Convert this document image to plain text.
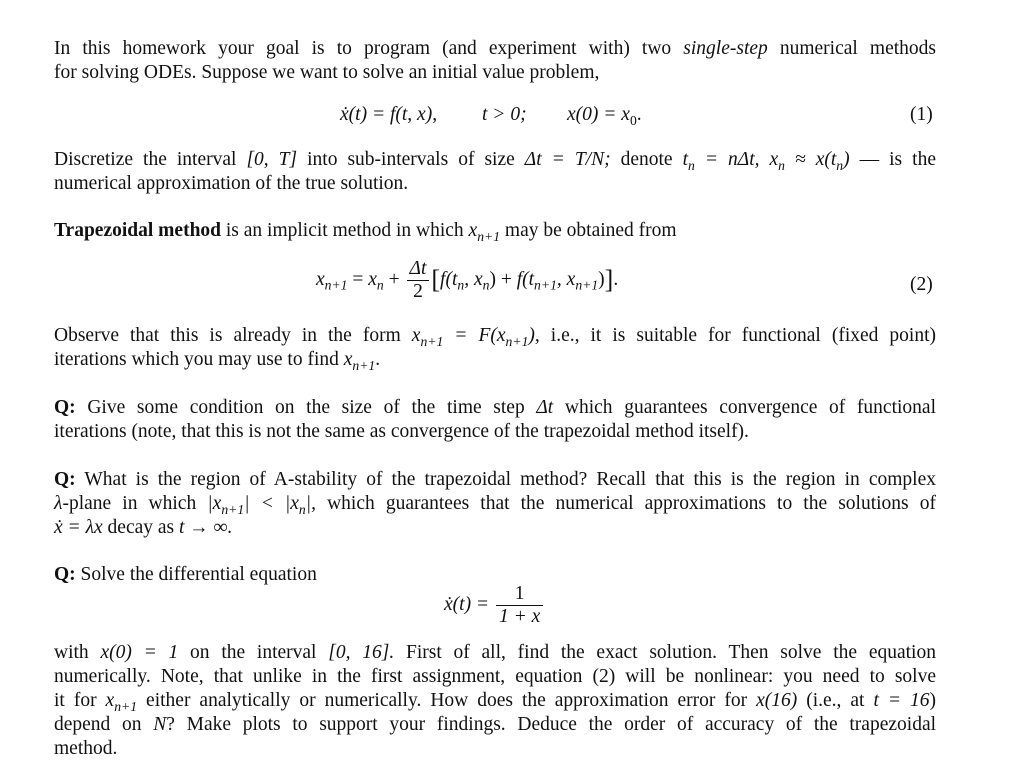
In this homework your goal is to program (and experiment with) two single-step numerical methods
for solving ODEs. Suppose we want to solve an initial value problem,
ẋ(t) = f(t, x), t > 0; $x(0) = x_0$.	(1)
Discretize the interval [0, T] into sub-intervals of size Δt = T/N; denote $t_n = n\Delta t$, $x_n \approx x(t_n)$ — is the
numerical approximation of the true solution.
Trapezoidal method is an implicit method in which $x_{n+1}$ may be obtained from
$x_{n+1} = x_n + \frac{\Delta t}{2} [f(t_n$, $x_n) + f(t_{n+1}$, $x_{n+1}$)].	(2)
Observe that this is already in the form $x_{n+1} = F(x_{n+1})$, i.e., it is suitable for functional (fixed point)
iterations which you may use to find $x_{n+1}$.
Q: Give some condition on the size of the time step Δt which guarantees convergence of functional
iterations (note, that this is not the same as convergence of the trapezoidal method itself).
Q: What is the region of A-stability of the trapezoidal method? Recall that this is the region in complex
λ-plane in which $|x_{n+1}| < |x_n|$, which guarantees that the numerical approximations to the solutions of
ẋ = λx decay as t → ∞.
Q: Solve the differential equation
ẋ(t) = $\frac{1}{1 + x}$
with x(0) = 1 on the interval [0, 16]. First of all, find the exact solution. Then solve the equation
numerically. Note, that unlike in the first assignment, equation (2) will be nonlinear: you need to solve
it for $x_{n+1}$ either analytically or numerically. How does the approximation error for x(16) (i.e., at t = 16)
depend on N? Make plots to support your findings. Deduce the order of accuracy of the trapezoidal
method.
